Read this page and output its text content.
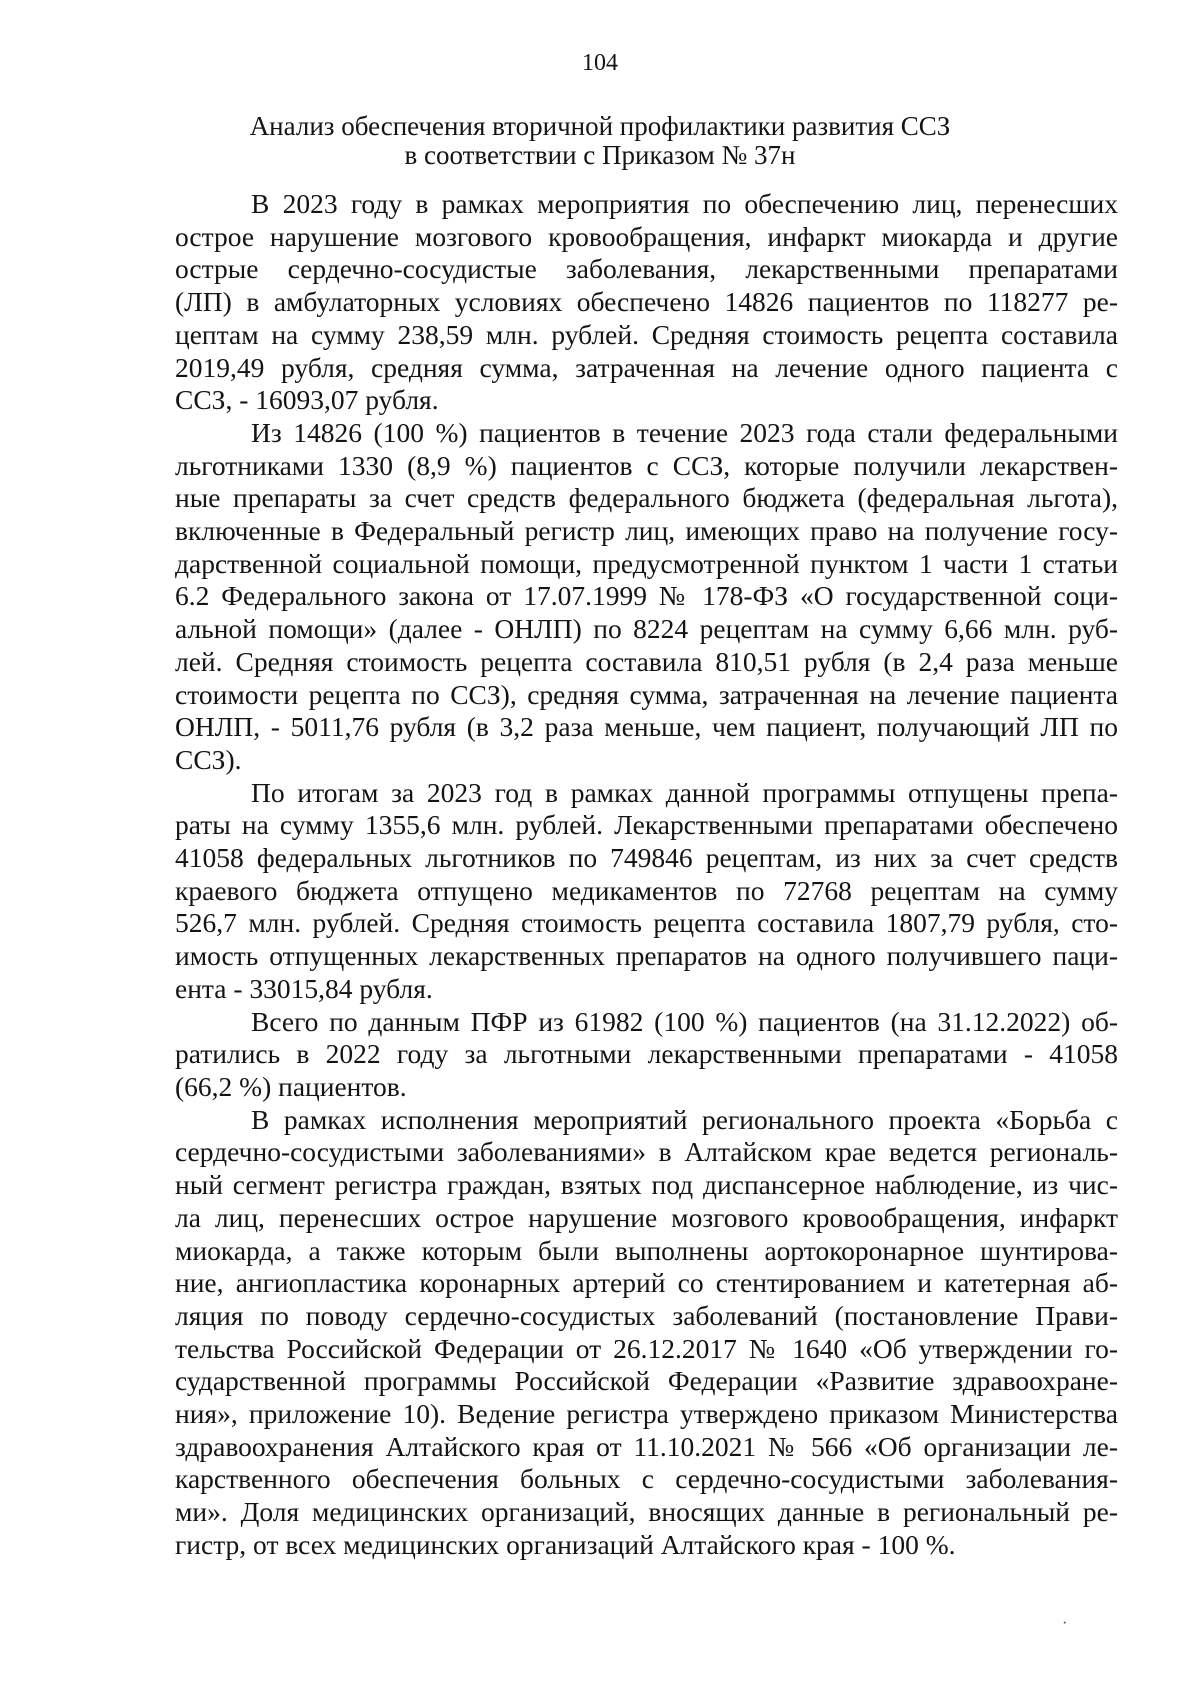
104
Анализ обеспечения вторичной профилактики развития ССЗ
в соответствии с Приказом № 37н

В 2023 году в рамках мероприятия по обеспечению лиц, перенесших
острое нарушение мозгового кровообращения, инфаркт миокарда и другие
острые сердечно-сосудистые заболевания, лекарственными препаратами
(ЛП) в амбулаторных условиях обеспечено 14826 пациентов по 118277 ре-
цептам на сумму 238,59 млн. рублей. Средняя стоимость рецепта составила
2019,49 рубля, средняя сумма, затраченная на лечение одного пациента с
ССЗ, - 16093,07 рубля.

Из 14826 (100 %) пациентов в течение 2023 года стали федеральными
льготниками 1330 (8,9 %) пациентов с ССЗ, которые получили лекарствен-
ные препараты за счет средств федерального бюджета (федеральная льгота),
включенные в Федеральный регистр лиц, имеющих право на получение госу-
дарственной социальной помощи, предусмотренной пунктом 1 части 1 статьи
6.2 Федерального закона от 17.07.1999 № 178-ФЗ «О государственной соци-
альной помощи» (далее - ОНЛП) по 8224 рецептам на сумму 6,66 млн. руб-
лей. Средняя стоимость рецепта составила 810,51 рубля (в 2,4 раза меньше
стоимости рецепта по ССЗ), средняя сумма, затраченная на лечение пациента
ОНЛП, - 5011,76 рубля (в 3,2 раза меньше, чем пациент, получающий ЛП по
ССЗ).

По итогам за 2023 год в рамках данной программы отпущены препа-
раты на сумму 1355,6 млн. рублей. Лекарственными препаратами обеспечено
41058 федеральных льготников по 749846 рецептам, из них за счет средств
краевого бюджета отпущено медикаментов по 72768 рецептам на сумму
526,7 млн. рублей. Средняя стоимость рецепта составила 1807,79 рубля, сто-
имость отпущенных лекарственных препаратов на одного получившего паци-
ента - 33015,84 рубля.

Всего по данным ПФР из 61982 (100 %) пациентов (на 31.12.2022) об-
ратились в 2022 году за льготными лекарственными препаратами - 41058
(66,2 %) пациентов.

В рамках исполнения мероприятий регионального проекта «Борьба с
сердечно-сосудистыми заболеваниями» в Алтайском крае ведется региональ-
ный сегмент регистра граждан, взятых под диспансерное наблюдение, из чис-
ла лиц, перенесших острое нарушение мозгового кровообращения, инфаркт
миокарда, а также которым были выполнены аортокоронарное шунтирова-
ние, ангиопластика коронарных артерий со стентированием и катетерная аб-
ляция по поводу сердечно-сосудистых заболеваний (постановление Прави-
тельства Российской Федерации от 26.12.2017 № 1640 «Об утверждении го-
сударственной программы Российской Федерации «Развитие здравоохране-
ния», приложение 10). Ведение регистра утверждено приказом Министерства
здравоохранения Алтайского края от 11.10.2021 № 566 «Об организации ле-
карственного обеспечения больных с сердечно-сосудистыми заболевания-
ми». Доля медицинских организаций, вносящих данные в региональный ре-
гистр, от всех медицинских организаций Алтайского края - 100 %.

·
